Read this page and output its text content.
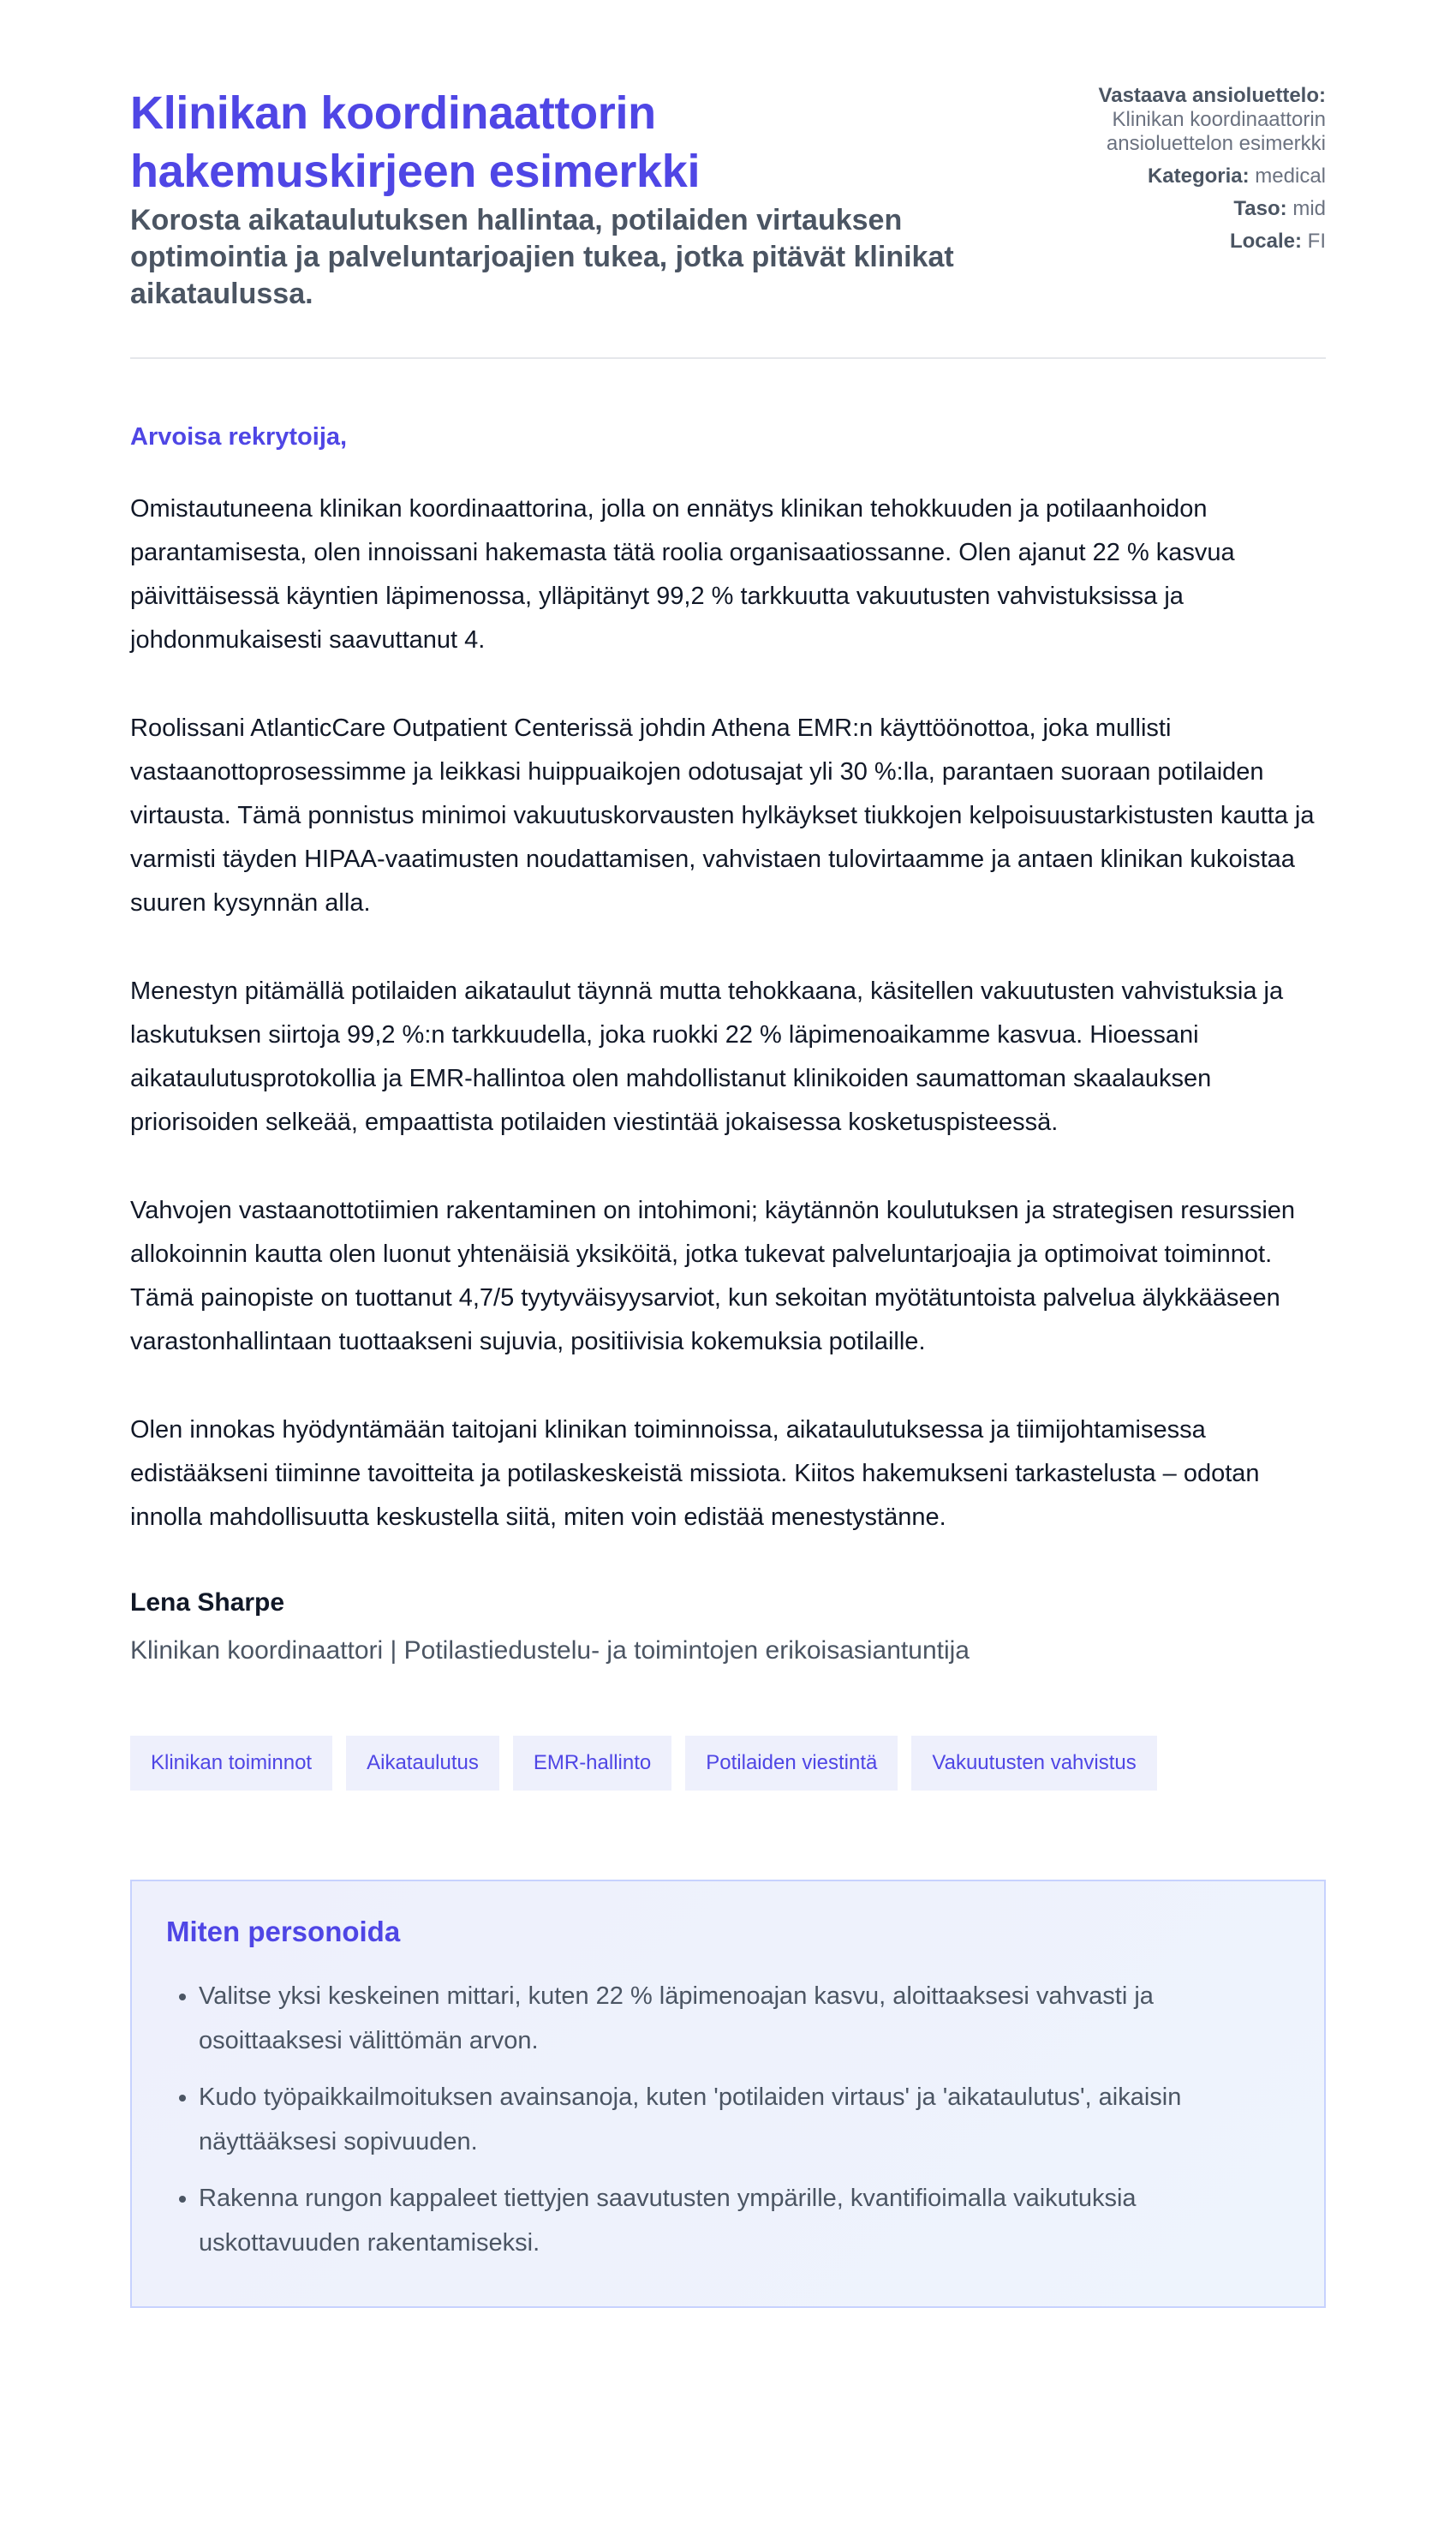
Klinikan koordinaattorin hakemuskirjeen esimerkki
Korosta aikataulutuksen hallintaa, potilaiden virtauksen optimointia ja palveluntarjoajien tukea, jotka pitävät klinikat aikataulussa.
Vastaava ansioluettelo:
Klinikan koordinaattorin ansioluettelon esimerkki
Kategoria: medical
Taso: mid
Locale: FI
Arvoisa rekrytoija,

Omistautuneena klinikan koordinaattorina, jolla on ennätys klinikan tehokkuuden ja potilaanhoidon parantamisesta, olen innoissani hakemasta tätä roolia organisaatiossanne. Olen ajanut 22 % kasvua päivittäisessä käyntien läpimenossa, ylläpitänyt 99,2 % tarkkuutta vakuutusten vahvistuksissa ja johdonmukaisesti saavuttanut 4.

Roolissani AtlanticCare Outpatient Centerissä johdin Athena EMR:n käyttöönottoa, joka mullisti vastaanottoprosessimme ja leikkasi huippuaikojen odotusajat yli 30 %:lla, parantaen suoraan potilaiden virtausta. Tämä ponnistus minimoi vakuutuskorvausten hylkäykset tiukkojen kelpoisuustarkistusten kautta ja varmisti täyden HIPAA-vaatimusten noudattamisen, vahvistaen tulovirtaamme ja antaen klinikan kukoistaa suuren kysynnän alla.

Menestyn pitämällä potilaiden aikataulut täynnä mutta tehokkaana, käsitellen vakuutusten vahvistuksia ja laskutuksen siirtoja 99,2 %:n tarkkuudella, joka ruokki 22 % läpimenoaikamme kasvua. Hioessani aikataulutusprotokollia ja EMR-hallintoa olen mahdollistanut klinikoiden saumattoman skaalauksen priorisoiden selkeää, empaattista potilaiden viestintää jokaisessa kosketuspisteessä.

Vahvojen vastaanottotiimien rakentaminen on intohimoni; käytännön koulutuksen ja strategisen resurssien allokoinnin kautta olen luonut yhtenäisiä yksiköitä, jotka tukevat palveluntarjoajia ja optimoivat toiminnot. Tämä painopiste on tuottanut 4,7/5 tyytyväisyysarviot, kun sekoitan myötätuntoista palvelua älykkääseen varastonhallintaan tuottaakseni sujuvia, positiivisia kokemuksia potilaille.

Olen innokas hyödyntämään taitojani klinikan toiminnoissa, aikataulutuksessa ja tiimijohtamisessa edistääkseni tiiminne tavoitteita ja potilaskeskeistä missiota. Kiitos hakemukseni tarkastelusta – odotan innolla mahdollisuutta keskustella siitä, miten voin edistää menestystänne.

Lena Sharpe
Klinikan koordinaattori | Potilastiedustelu- ja toimintojen erikoisasiantuntija
Klinikan toiminnot	Aikataulutus	EMR-hallinto	Potilaiden viestintä	Vakuutusten vahvistus
Miten personoida
• Valitse yksi keskeinen mittari, kuten 22 % läpimenoajan kasvu, aloittaaksesi vahvasti ja osoittaaksesi välittömän arvon.
• Kudo työpaikkailmoituksen avainsanoja, kuten 'potilaiden virtaus' ja 'aikataulutus', aikaisin näyttääksesi sopivuuden.
• Rakenna rungon kappaleet tiettyjen saavutusten ympärille, kvantifioimalla vaikutuksia uskottavuuden rakentamiseksi.
